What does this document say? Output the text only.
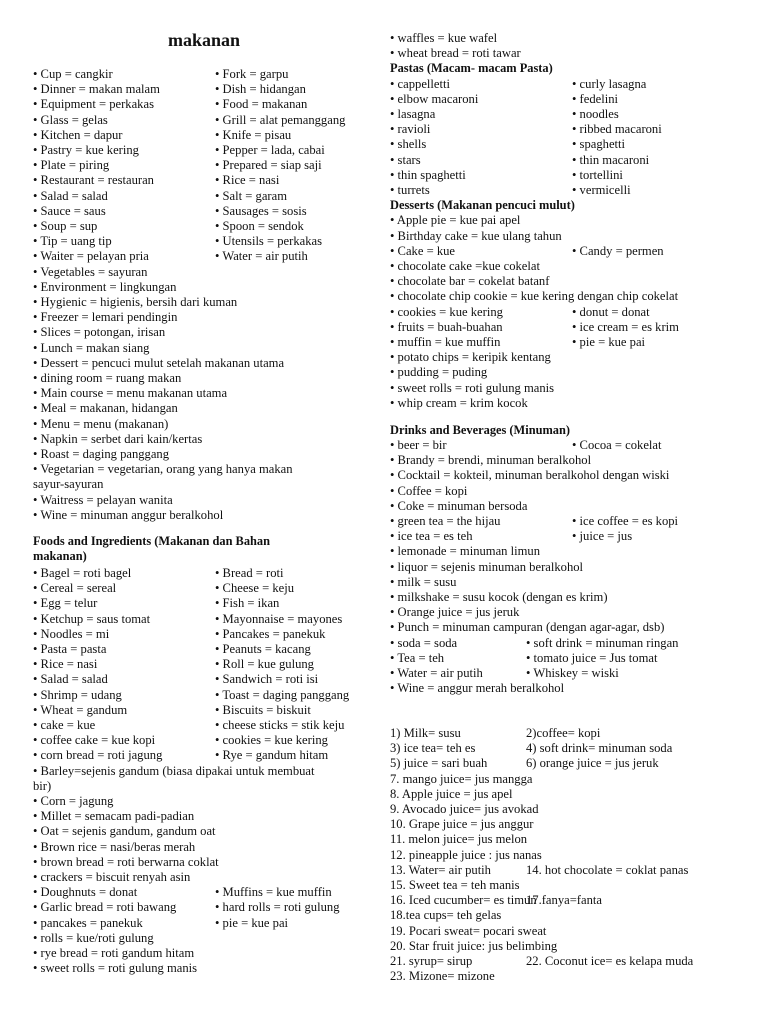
makanan
• Cup = cangkir	• Fork = garpu
• Dinner = makan malam	• Dish = hidangan
• Equipment = perkakas	• Food = makanan
• Glass = gelas	• Grill = alat pemanggang
• Kitchen = dapur	• Knife = pisau
• Pastry = kue kering	• Pepper = lada, cabai
• Plate = piring	• Prepared = siap saji
• Restaurant = restauran	• Rice = nasi
• Salad = salad	• Salt = garam
• Sauce = saus	• Sausages = sosis
• Soup = sup	• Spoon = sendok
• Tip = uang tip	• Utensils = perkakas
• Waiter = pelayan pria	• Water = air putih
• Vegetables = sayuran
• Environment = lingkungan
• Hygienic = higienis, bersih dari kuman
• Freezer = lemari pendingin
• Slices = potongan, irisan
• Lunch = makan siang
• Dessert = pencuci mulut setelah makanan utama
• dining room = ruang makan
• Main course = menu makanan utama
• Meal = makanan, hidangan
• Menu = menu (makanan)
• Napkin = serbet dari kain/kertas
• Roast = daging panggang
• Vegetarian = vegetarian, orang yang hanya makan
sayur-sayuran
• Waitress = pelayan wanita
• Wine = minuman anggur beralkohol
Foods and Ingredients (Makanan dan Bahan
makanan)
• Bagel = roti bagel	• Bread = roti
• Cereal = sereal	• Cheese = keju
• Egg = telur	• Fish = ikan
• Ketchup = saus tomat	• Mayonnaise = mayones
• Noodles = mi	• Pancakes = panekuk
• Pasta = pasta	• Peanuts = kacang
• Rice = nasi	• Roll = kue gulung
• Salad = salad	• Sandwich = roti isi
• Shrimp = udang	• Toast = daging panggang
• Wheat = gandum	• Biscuits = biskuit
• cake = kue	• cheese sticks = stik keju
• coffee cake = kue kopi	• cookies = kue kering
• corn bread = roti jagung	• Rye = gandum hitam
• Barley=sejenis gandum (biasa dipakai untuk membuat
bir)
• Corn = jagung
• Millet = semacam padi-padian
• Oat = sejenis gandum, gandum oat
• Brown rice = nasi/beras merah
• brown bread = roti berwarna coklat
• crackers = biscuit renyah asin
• Doughnuts = donat	• Muffins = kue muffin
• Garlic bread = roti bawang	• hard rolls = roti gulung
• pancakes = panekuk	• pie = kue pai
• rolls = kue/roti gulung
• rye bread = roti gandum hitam
• sweet rolls = roti gulung manis
• waffles = kue wafel
• wheat bread = roti tawar
Pastas (Macam- macam Pasta)
• cappelletti	• curly lasagna
• elbow macaroni	• fedelini
• lasagna	• noodles
• ravioli	• ribbed macaroni
• shells	• spaghetti
• stars	• thin macaroni
• thin spaghetti	• tortellini
• turrets	• vermicelli
Desserts (Makanan pencuci mulut)
• Apple pie = kue pai apel
• Birthday cake = kue ulang tahun
• Cake = kue	• Candy = permen
• chocolate cake =kue cokelat
• chocolate bar = cokelat batanf
• chocolate chip cookie = kue kering dengan chip cokelat
• cookies = kue kering	• donut = donat
• fruits = buah-buahan	• ice cream = es krim
• muffin = kue muffin	• pie = kue pai
• potato chips = keripik kentang
• pudding = puding
• sweet rolls = roti gulung manis
• whip cream = krim kocok
Drinks and Beverages (Minuman)
• beer = bir	• Cocoa = cokelat
• Brandy = brendi, minuman beralkohol
• Cocktail = kokteil, minuman beralkohol dengan wiski
• Coffee = kopi
• Coke = minuman bersoda
• green tea = the hijau	• ice coffee = es kopi
• ice tea = es teh	• juice = jus
• lemonade = minuman limun
• liquor = sejenis minuman beralkohol
• milk = susu
• milkshake = susu kocok (dengan es krim)
• Orange juice = jus jeruk
• Punch = minuman campuran (dengan agar-agar, dsb)
• soda = soda	• soft drink = minuman ringan
• Tea = teh	• tomato juice = Jus tomat
• Water = air putih	• Whiskey = wiski
• Wine = anggur merah beralkohol
1) Milk= susu	2)coffee= kopi
3) ice tea= teh es	4) soft drink= minuman soda
5) juice = sari buah	6) orange juice = jus jeruk
7. mango juice= jus mangga
8. Apple juice = jus apel
9. Avocado juice= jus avokad
10. Grape juice = jus anggur
11. melon juice= jus melon
12. pineapple juice : jus nanas
13. Water= air putih	14. hot chocolate = coklat panas
15. Sweet tea = teh manis
16. Iced cucumber= es timun
17.fanya=fanta
18.tea cups= teh gelas
19. Pocari sweat= pocari sweat
20. Star fruit juice: jus belimbing
21. syrup= sirup	22. Coconut ice= es kelapa muda
23. Mizone= mizone
